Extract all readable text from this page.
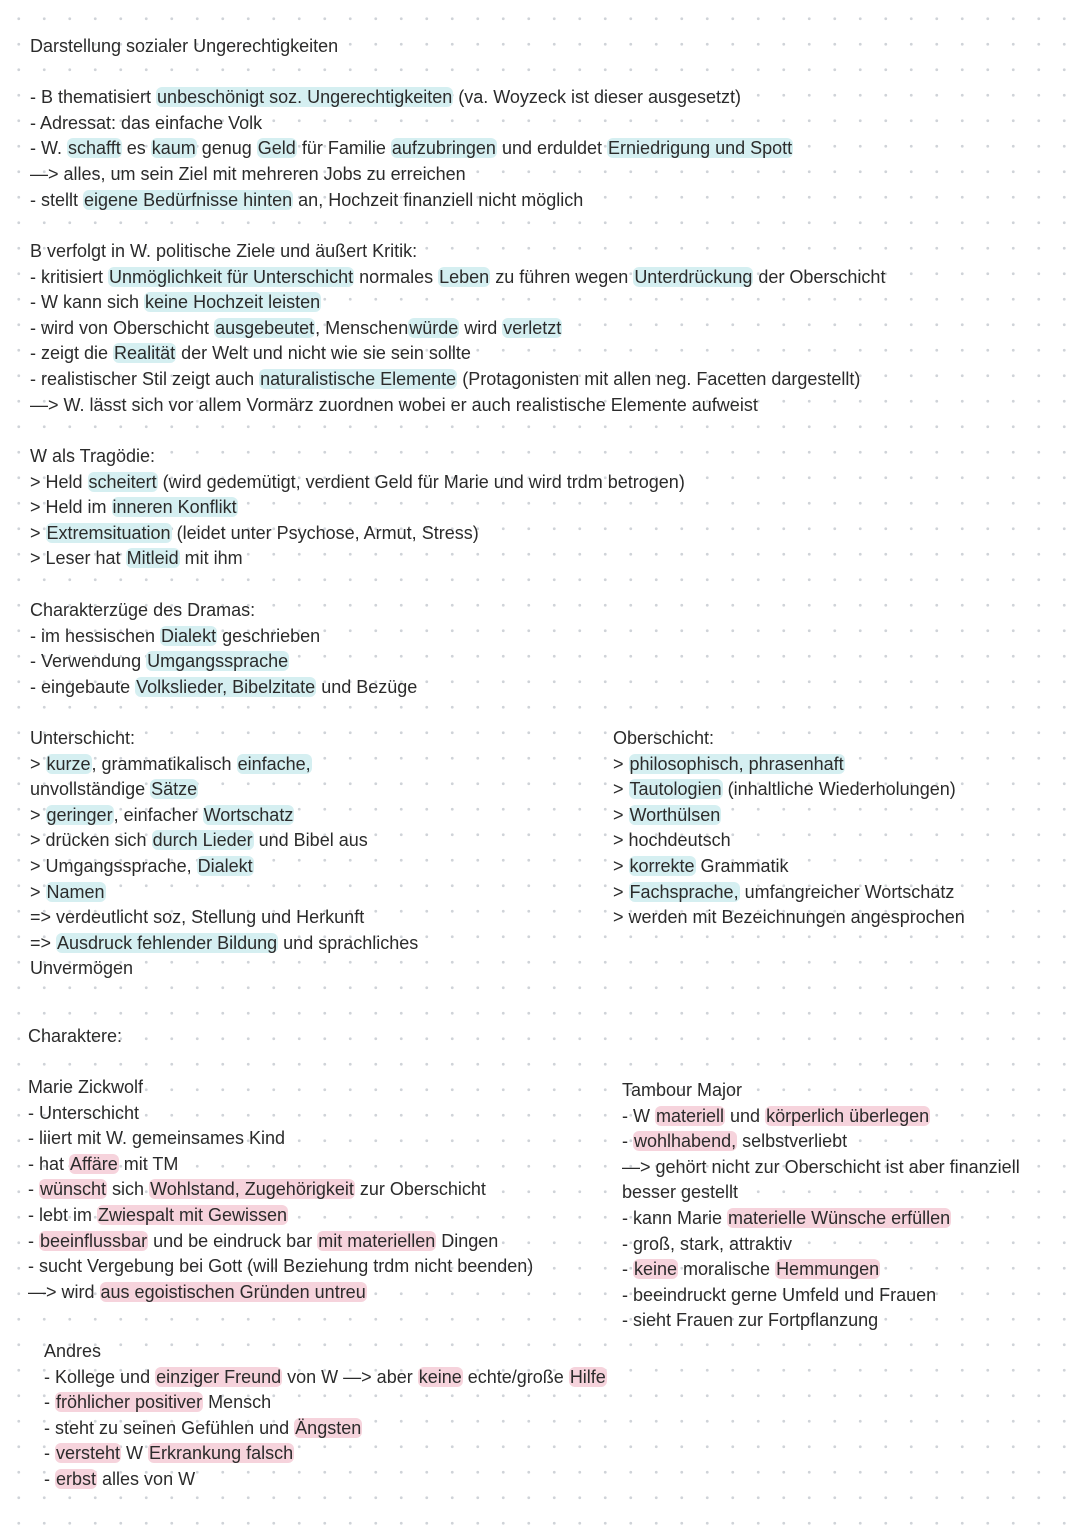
Darstellung sozialer Ungerechtigkeiten
- B thematisiert unbeschönigt soz. Ungerechtigkeiten (va. Woyzeck ist dieser ausgesetzt)
- Adressat: das einfache Volk
- W. schafft es kaum genug Geld für Familie aufzubringen und erduldet Erniedrigung und Spott
—> alles, um sein Ziel mit mehreren Jobs zu erreichen
- stellt eigene Bedürfnisse hinten an, Hochzeit finanziell nicht möglich
B verfolgt in W. politische Ziele und äußert Kritik:
- kritisiert Unmöglichkeit für Unterschicht normales Leben zu führen wegen Unterdrückung der Oberschicht
- W kann sich keine Hochzeit leisten
- wird von Oberschicht ausgebeutet, Menschenwürde wird verletzt
- zeigt die Realität der Welt und nicht wie sie sein sollte
- realistischer Stil zeigt auch naturalistische Elemente (Protagonisten mit allen neg. Facetten dargestellt)
—> W. lässt sich vor allem Vormärz zuordnen wobei er auch realistische Elemente aufweist
W als Tragödie:
> Held scheitert (wird gedemütigt, verdient Geld für Marie und wird trdm betrogen)
> Held im inneren Konflikt
> Extremsituation (leidet unter Psychose, Armut, Stress)
> Leser hat Mitleid mit ihm
Charakterzüge des Dramas:
- im hessischen Dialekt geschrieben
- Verwendung Umgangssprache
- eingebaute Volkslieder, Bibelzitate und Bezüge
Unterschicht:
> kurze, grammatikalisch einfache,
unvollständige Sätze
> geringer, einfacher Wortschatz
> drücken sich durch Lieder und Bibel aus
> Umgangssprache, Dialekt
> Namen
=> verdeutlicht soz, Stellung und Herkunft
=> Ausdruck fehlender Bildung und sprachliches
Unvermögen
Oberschicht:
> philosophisch, phrasenhaft
> Tautologien (inhaltliche Wiederholungen)
> Worthülsen
> hochdeutsch
> korrekte Grammatik
> Fachsprache, umfangreicher Wortschatz
> werden mit Bezeichnungen angesprochen
Charaktere:
Marie Zickwolf
- Unterschicht
- liiert mit W. gemeinsames Kind
- hat Affäre mit TM
- wünscht sich Wohlstand, Zugehörigkeit zur Oberschicht
- lebt im Zwiespalt mit Gewissen
- beeinflussbar und be eindruck bar mit materiellen Dingen
- sucht Vergebung bei Gott (will Beziehung trdm nicht beenden)
—> wird aus egoistischen Gründen untreu
Tambour Major
- W materiell und körperlich überlegen
- wohlhabend, selbstverliebt
—> gehört nicht zur Oberschicht ist aber finanziell
besser gestellt
- kann Marie materielle Wünsche erfüllen
- groß, stark, attraktiv
- keine moralische Hemmungen
- beeindruckt gerne Umfeld und Frauen
- sieht Frauen zur Fortpflanzung
Andres
- Kollege und einziger Freund von W —> aber keine echte/große Hilfe
- fröhlicher positiver Mensch
- steht zu seinen Gefühlen und Ängsten
- versteht W Erkrankung falsch
- erbst alles von W
